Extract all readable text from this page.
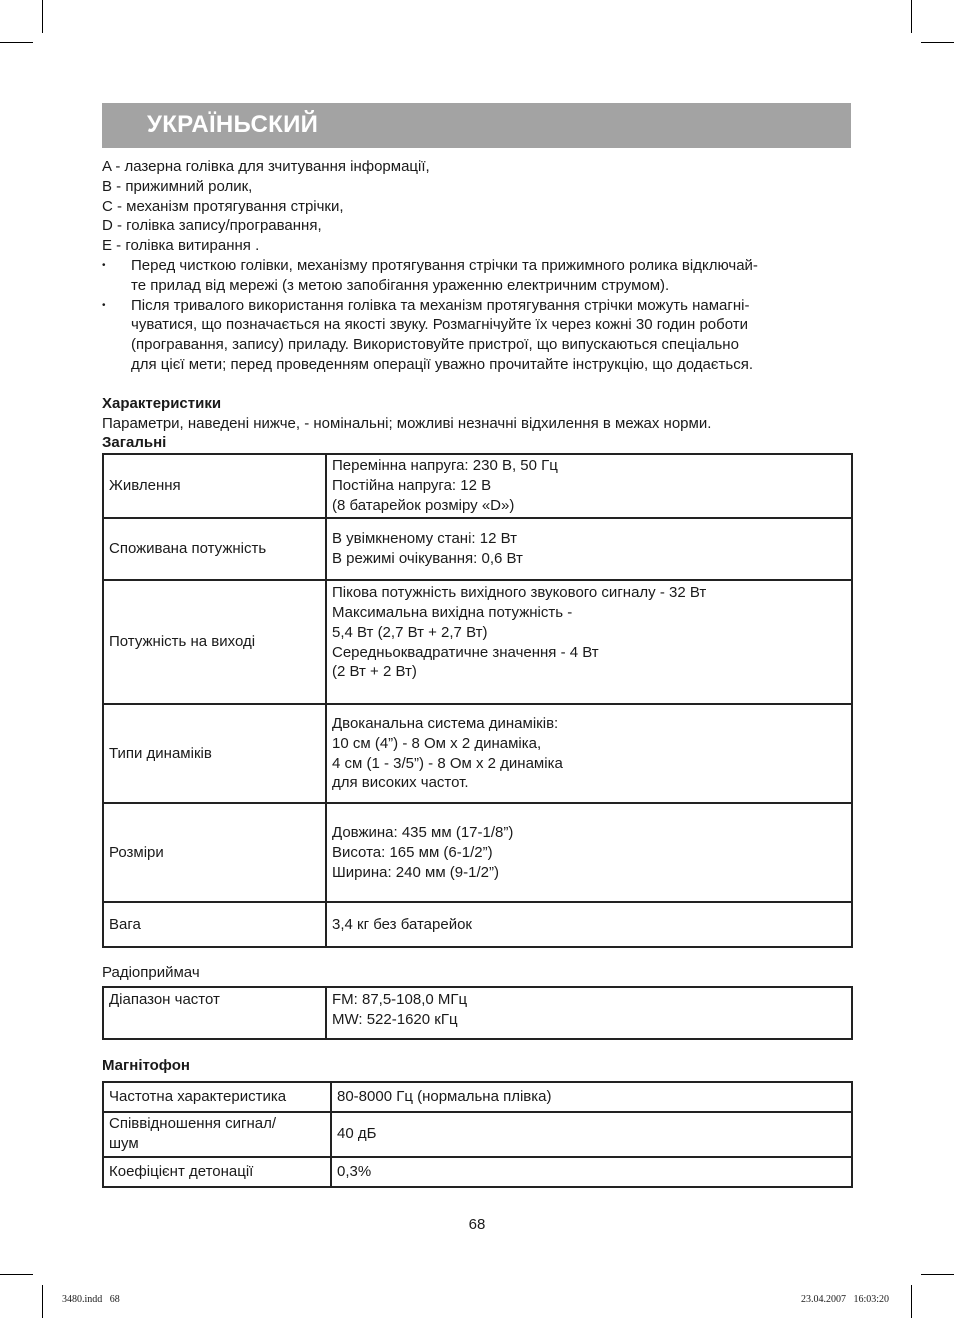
УКРАЇНЬСКИЙ

A - лазерна голівка для зчитування інформації,

B - прижимний ролик,

C - механізм протягування стрічки,

D - голівка запису/програвання,

E - голівка витирання .

• Перед чисткою голівки, механізму протягування стрічки та прижимного ролика відключай-
те прилад від мережі (з метою запобігання ураженню електричним струмом).
• Після тривалого використання голівка та механізм протягування стрічки можуть намагні-
чуватися, що позначається на якості звуку. Розмагнічуйте їх через кожні 30 годин роботи
(програвання, запису) приладу. Використовуйте пристрої, що випускаються спеціально
для цієї мети; перед проведенням операції уважно прочитайте інструкцію, що додається.

Характеристики

Параметри, наведені нижче, - номінальні; можливі незначні відхилення в межах норми.

Загальні

Живлення	Перемінна напруга: 230 В, 50 Гц
Постійна напруга: 12 В
(8 батарейок розміру «D»)

Споживана потужність	В увімкненому стані: 12 Вт
В режимі очікування: 0,6 Вт

Потужність на виході	Пікова потужність вихідного звукового сигналу - 32 Вт
Максимальна вихідна потужність -
5,4 Вт (2,7 Вт + 2,7 Вт)
Середньоквадратичне значення - 4 Вт
(2 Вт + 2 Вт)

Типи динаміків	Двоканальна система динаміків:
10 см (4”) - 8 Ом х 2 динаміка,
4 см (1 - 3/5”) - 8 Ом х 2 динаміка
для високих частот.

Розміри	Довжина: 435 мм (17-1/8”)
Висота: 165 мм (6-1/2”)
Ширина: 240 мм (9-1/2”)

Вага	3,4 кг без батарейок

Радіоприймач

Діапазон частот	FM: 87,5-108,0 МГц
MW: 522-1620 кГц

Магнітофон

Частотна характеристика	80-8000 Гц (нормальна плівка)

Співвідношення сигнал/ шум	40 дБ
Коефіцієнт детонації	0,3%
68
3480.indd   68	23.04.2007   16:03:20
